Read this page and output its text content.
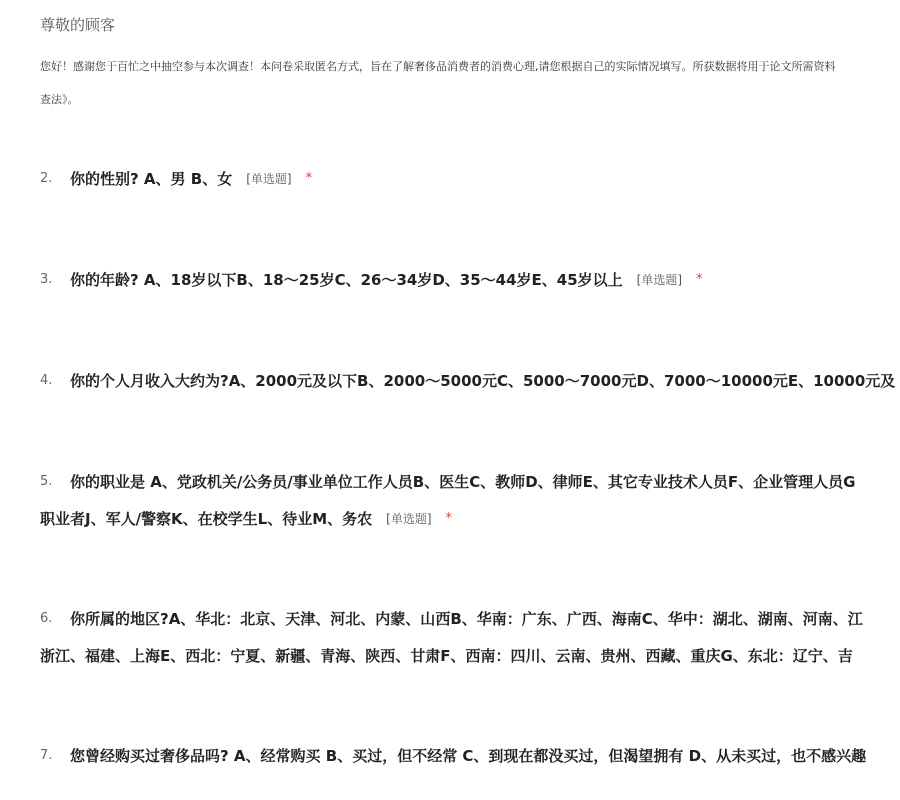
尊敬的顾客
您好！感谢您于百忙之中抽空参与本次调查！本问卷采取匿名方式，旨在了解奢侈品消费者的消费心理,请您根据自己的实际情况填写。所获数据将用于论文所需资料
查法》。
2.	你的性别? A、男 B、女 [单选题] *
3.	你的年龄? A、18岁以下B、18～25岁C、26～34岁D、35～44岁E、45岁以上 [单选题] *
4.	你的个人月收入大约为?A、2000元及以下B、2000～5000元C、5000～7000元D、7000～10000元E、10000元及
5.	你的职业是 A、党政机关/公务员/事业单位工作人员B、医生C、教师D、律师E、其它专业技术人员F、企业管理人员G
职业者J、军人/警察K、在校学生L、待业M、务农 [单选题] *
6.	你所属的地区?A、华北：北京、天津、河北、内蒙、山西B、华南：广东、广西、海南C、华中：湖北、湖南、河南、江
浙江、福建、上海E、西北：宁夏、新疆、青海、陕西、甘肃F、西南：四川、云南、贵州、西藏、重庆G、东北：辽宁、吉
7.	您曾经购买过奢侈品吗? A、经常购买 B、买过，但不经常 C、到现在都没买过，但渴望拥有 D、从未买过，也不感兴趣
